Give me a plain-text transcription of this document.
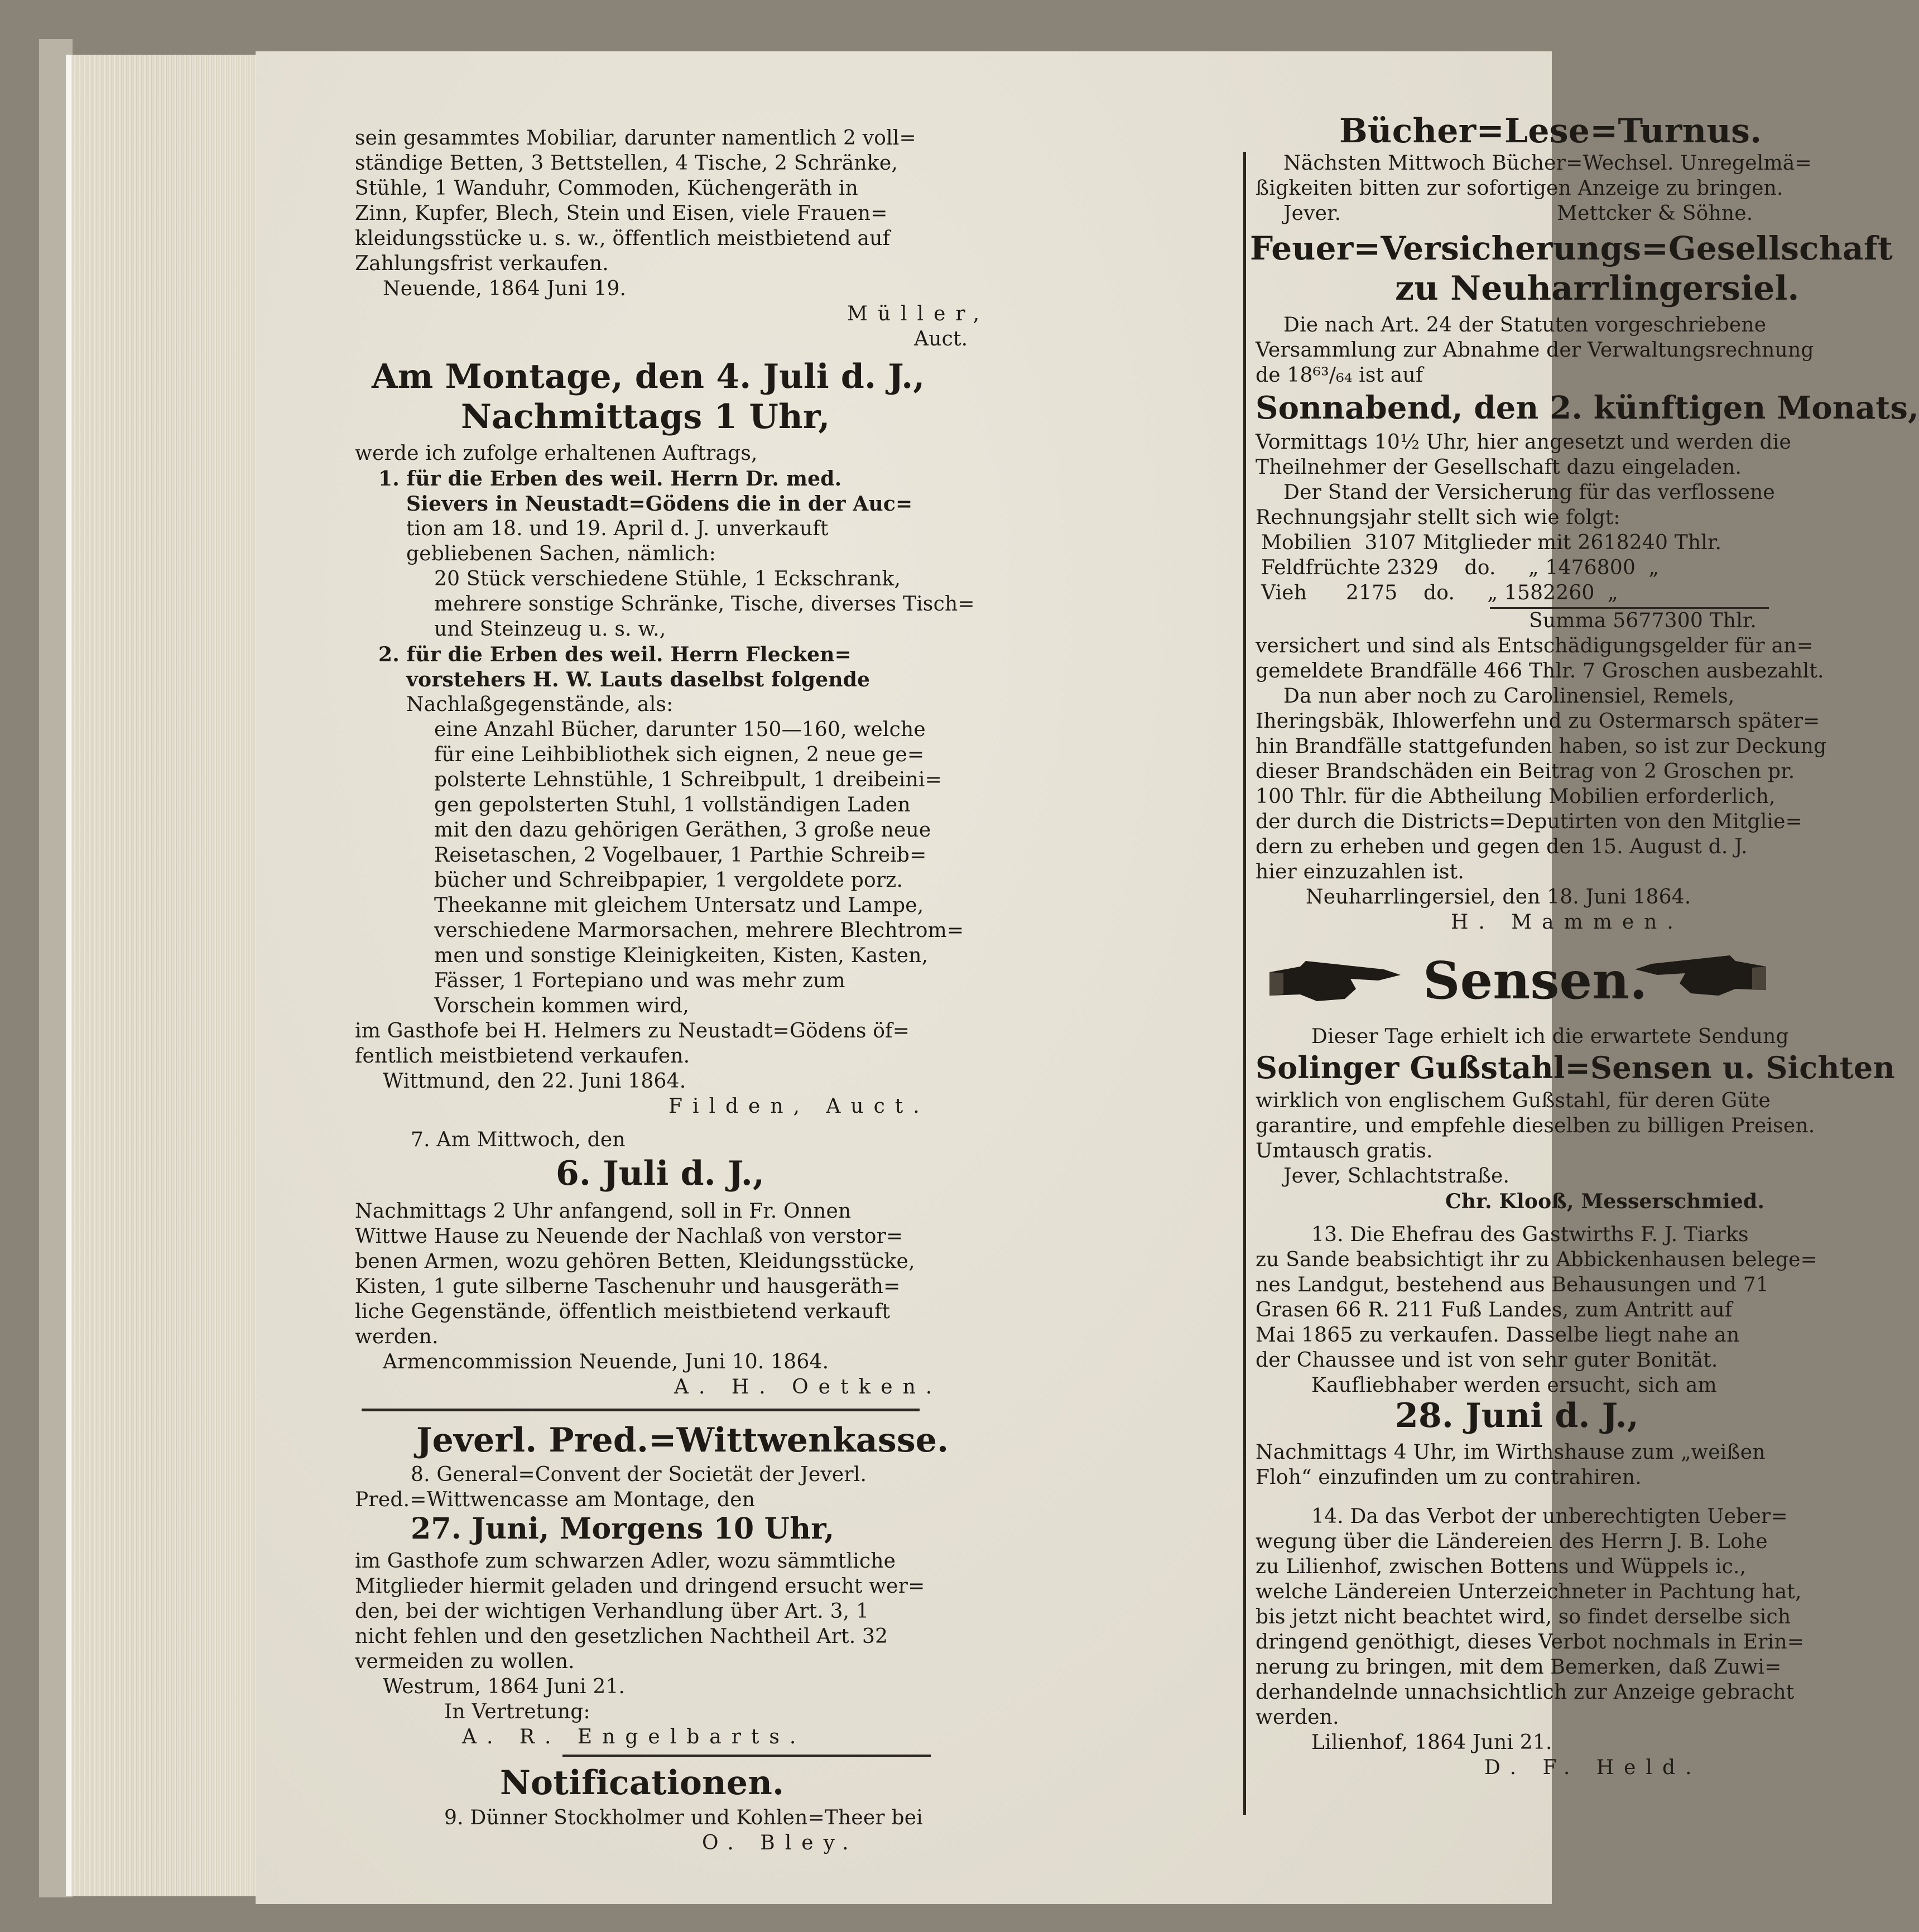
sein gesammtes Mobiliar, darunter namentlich 2 voll=
ständige Betten, 3 Bettstellen, 4 Tische, 2 Schränke,
Stühle, 1 Wanduhr, Commoden, Küchengeräth in
Zinn, Kupfer, Blech, Stein und Eisen, viele Frauen=
kleidungsstücke u. s. w., öffentlich meistbietend auf
Zahlungsfrist verkaufen.
Neuende, 1864 Juni 19.
Müller,
Auct.
Am Montage, den 4. Juli d. J.,
Nachmittags 1 Uhr,
werde ich zufolge erhaltenen Auftrags,
1. für die Erben des weil. Herrn Dr. med.
Sievers in Neustadt=Gödens die in der Auc=
tion am 18. und 19. April d. J. unverkauft
gebliebenen Sachen, nämlich:
20 Stück verschiedene Stühle, 1 Eckschrank,
mehrere sonstige Schränke, Tische, diverses Tisch=
und Steinzeug u. s. w.,
2. für die Erben des weil. Herrn Flecken=
vorstehers H. W. Lauts daselbst folgende
Nachlaßgegenstände, als:
eine Anzahl Bücher, darunter 150—160, welche
für eine Leihbibliothek sich eignen, 2 neue ge=
polsterte Lehnstühle, 1 Schreibpult, 1 dreibeini=
gen gepolsterten Stuhl, 1 vollständigen Laden
mit den dazu gehörigen Geräthen, 3 große neue
Reisetaschen, 2 Vogelbauer, 1 Parthie Schreib=
bücher und Schreibpapier, 1 vergoldete porz.
Theekanne mit gleichem Untersatz und Lampe,
verschiedene Marmorsachen, mehrere Blechtrom=
men und sonstige Kleinigkeiten, Kisten, Kasten,
Fässer, 1 Fortepiano und was mehr zum
Vorschein kommen wird,
im Gasthofe bei H. Helmers zu Neustadt=Gödens öf=
fentlich meistbietend verkaufen.
Wittmund, den 22. Juni 1864.
Filden, Auct.
7. Am Mittwoch, den
6. Juli d. J.,
Nachmittags 2 Uhr anfangend, soll in Fr. Onnen
Wittwe Hause zu Neuende der Nachlaß von verstor=
benen Armen, wozu gehören Betten, Kleidungsstücke,
Kisten, 1 gute silberne Taschenuhr und hausgeräth=
liche Gegenstände, öffentlich meistbietend verkauft
werden.
Armencommission Neuende, Juni 10. 1864.
A. H. Oetken.
Jeverl. Pred.=Wittwenkasse.
8. General=Convent der Societät der Jeverl.
Pred.=Wittwencasse am Montage, den
27. Juni, Morgens 10 Uhr,
im Gasthofe zum schwarzen Adler, wozu sämmtliche
Mitglieder hiermit geladen und dringend ersucht wer=
den, bei der wichtigen Verhandlung über Art. 3, 1
nicht fehlen und den gesetzlichen Nachtheil Art. 32
vermeiden zu wollen.
Westrum, 1864 Juni 21.
In Vertretung:
A. R. Engelbarts.
Notificationen.
9. Dünner Stockholmer und Kohlen=Theer bei
O. Bley.
Bücher=Lese=Turnus.
Nächsten Mittwoch Bücher=Wechsel. Unregelmä=
ßigkeiten bitten zur sofortigen Anzeige zu bringen.
Jever.	Mettcker & Söhne.
Feuer=Versicherungs=Gesellschaft
zu Neuharrlingersiel.
Die nach Art. 24 der Statuten vorgeschriebene
Versammlung zur Abnahme der Verwaltungsrechnung
de 18⁶³/₆₄ ist auf
Sonnabend, den 2. künftigen Monats,
Vormittags 10½ Uhr, hier angesetzt und werden die
Theilnehmer der Gesellschaft dazu eingeladen.
Der Stand der Versicherung für das verflossene
Rechnungsjahr stellt sich wie folgt:
Mobilien  3107 Mitglieder mit 2618240 Thlr.
Feldfrüchte 2329    do.     „ 1476800  „
Vieh      2175    do.     „ 1582260  „
Summa 5677300 Thlr.
versichert und sind als Entschädigungsgelder für an=
gemeldete Brandfälle 466 Thlr. 7 Groschen ausbezahlt.
Da nun aber noch zu Carolinensiel, Remels,
Iheringsbäk, Ihlowerfehn und zu Ostermarsch später=
hin Brandfälle stattgefunden haben, so ist zur Deckung
dieser Brandschäden ein Beitrag von 2 Groschen pr.
100 Thlr. für die Abtheilung Mobilien erforderlich,
der durch die Districts=Deputirten von den Mitglie=
dern zu erheben und gegen den 15. August d. J.
hier einzuzahlen ist.
Neuharrlingersiel, den 18. Juni 1864.
H. Mammen.
Sensen.
Dieser Tage erhielt ich die erwartete Sendung
Solinger Gußstahl=Sensen u. Sichten
wirklich von englischem Gußstahl, für deren Güte
garantire, und empfehle dieselben zu billigen Preisen.
Umtausch gratis.
Jever, Schlachtstraße.
Chr. Klooß, Messerschmied.
13. Die Ehefrau des Gastwirths F. J. Tiarks
zu Sande beabsichtigt ihr zu Abbickenhausen belege=
nes Landgut, bestehend aus Behausungen und 71
Grasen 66 R. 211 Fuß Landes, zum Antritt auf
Mai 1865 zu verkaufen. Dasselbe liegt nahe an
der Chaussee und ist von sehr guter Bonität.
Kaufliebhaber werden ersucht, sich am
28. Juni d. J.,
Nachmittags 4 Uhr, im Wirthshause zum „weißen
Floh“ einzufinden um zu contrahiren.
14. Da das Verbot der unberechtigten Ueber=
wegung über die Ländereien des Herrn J. B. Lohe
zu Lilienhof, zwischen Bottens und Wüppels ic.,
welche Ländereien Unterzeichneter in Pachtung hat,
bis jetzt nicht beachtet wird, so findet derselbe sich
dringend genöthigt, dieses Verbot nochmals in Erin=
nerung zu bringen, mit dem Bemerken, daß Zuwi=
derhandelnde unnachsichtlich zur Anzeige gebracht
werden.
Lilienhof, 1864 Juni 21.
D. F. Held.
